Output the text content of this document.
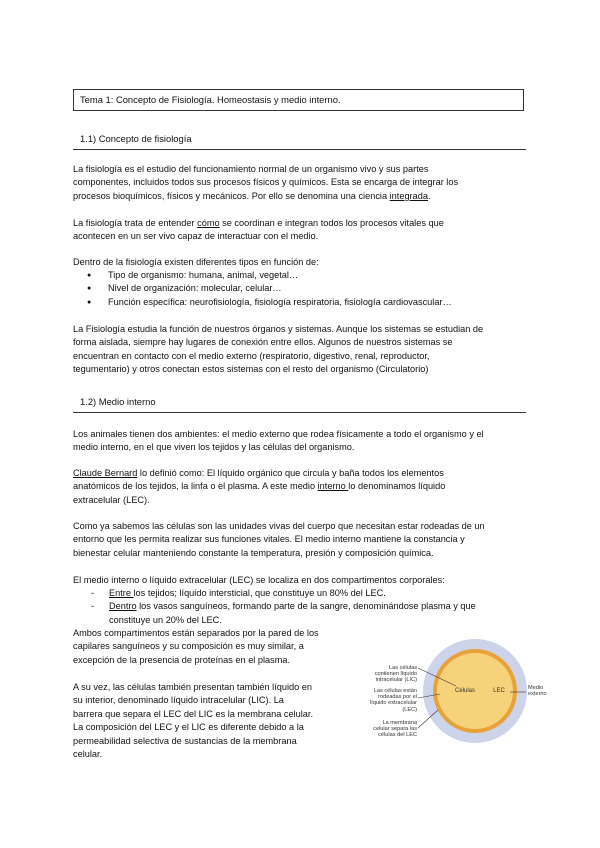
Tema 1: Concepto de Fisiología. Homeostasis y medio interno.
1.1) Concepto de fisiología

La fisiología es el estudio del funcionamiento normal de un organismo vivo y sus partes

componentes, incluidos todos sus procesos físicos y químicos. Esta se encarga de integrar los

procesos bioquímicos, físicos y mecánicos. Por ello se denomina una ciencia integrada.

La fisiología trata de entender cómo se coordinan e integran todos los procesos vitales que

acontecen en un ser vivo capaz de interactuar con el medio.

Dentro de la fisiología existen diferentes tipos en función de:
● Tipo de organismo: humana, animal, vegetal…
● Nivel de organización: molecular, celular…
● Función específica: neurofisiología, fisiología respiratoria, fisiología cardiovascular…

La Fisiología estudia la función de nuestros órganos y sistemas. Aunque los sistemas se estudian de

forma aislada, siempre hay lugares de conexión entre ellos. Algunos de nuestros sistemas se

encuentran en contacto con el medio externo (respiratorio, digestivo, renal, reproductor,

tegumentario) y otros conectan estos sistemas con el resto del organismo (Circulatorio)

1.2) Medio interno

Los animales tienen dos ambientes: el medio externo que rodea físicamente a todo el organismo y el

medio interno, en el que viven los tejidos y las células del organismo.

Claude Bernard lo definió como: El líquido orgánico que circula y baña todos los elementos

anatómicos de los tejidos, la linfa o el plasma. A este medio interno lo denominamos líquido

extracelular (LEC).

Como ya sabemos las células son las unidades vivas del cuerpo que necesitan estar rodeadas de un

entorno que les permita realizar sus funciones vitales. El medio interno mantiene la constancia y

bienestar celular manteniendo constante la temperatura, presión y composición química.

El medio interno o líquido extracelular (LEC) se localiza en dos compartimentos corporales:
- Entre los tejidos; líquido intersticial, que constituye un 80% del LEC.
- Dentro los vasos sanguíneos, formando parte de la sangre, denominándose plasma y que
constituye un 20% del LEC.

Ambos compartimentos están separados por la pared de los

capilares sanguíneos y su composición es muy similar, a

excepción de la presencia de proteínas en el plasma.

A su vez, las células también presentan también líquido en

su interior, denominado líquido intracelular (LIC). La

barrera que separa el LEC del LIC es la membrana celular.

La composición del LEC y el LIC es diferente debido a la

permeabilidad selectiva de sustancias de la membrana

celular.

Las células
contienen líquido
intracelular (LIC)
Las células están
rodeadas por el
líquido extracelular
(LEC)
La membrana
celular separa las
células del LEC
Células	LEC	Medio
externo
